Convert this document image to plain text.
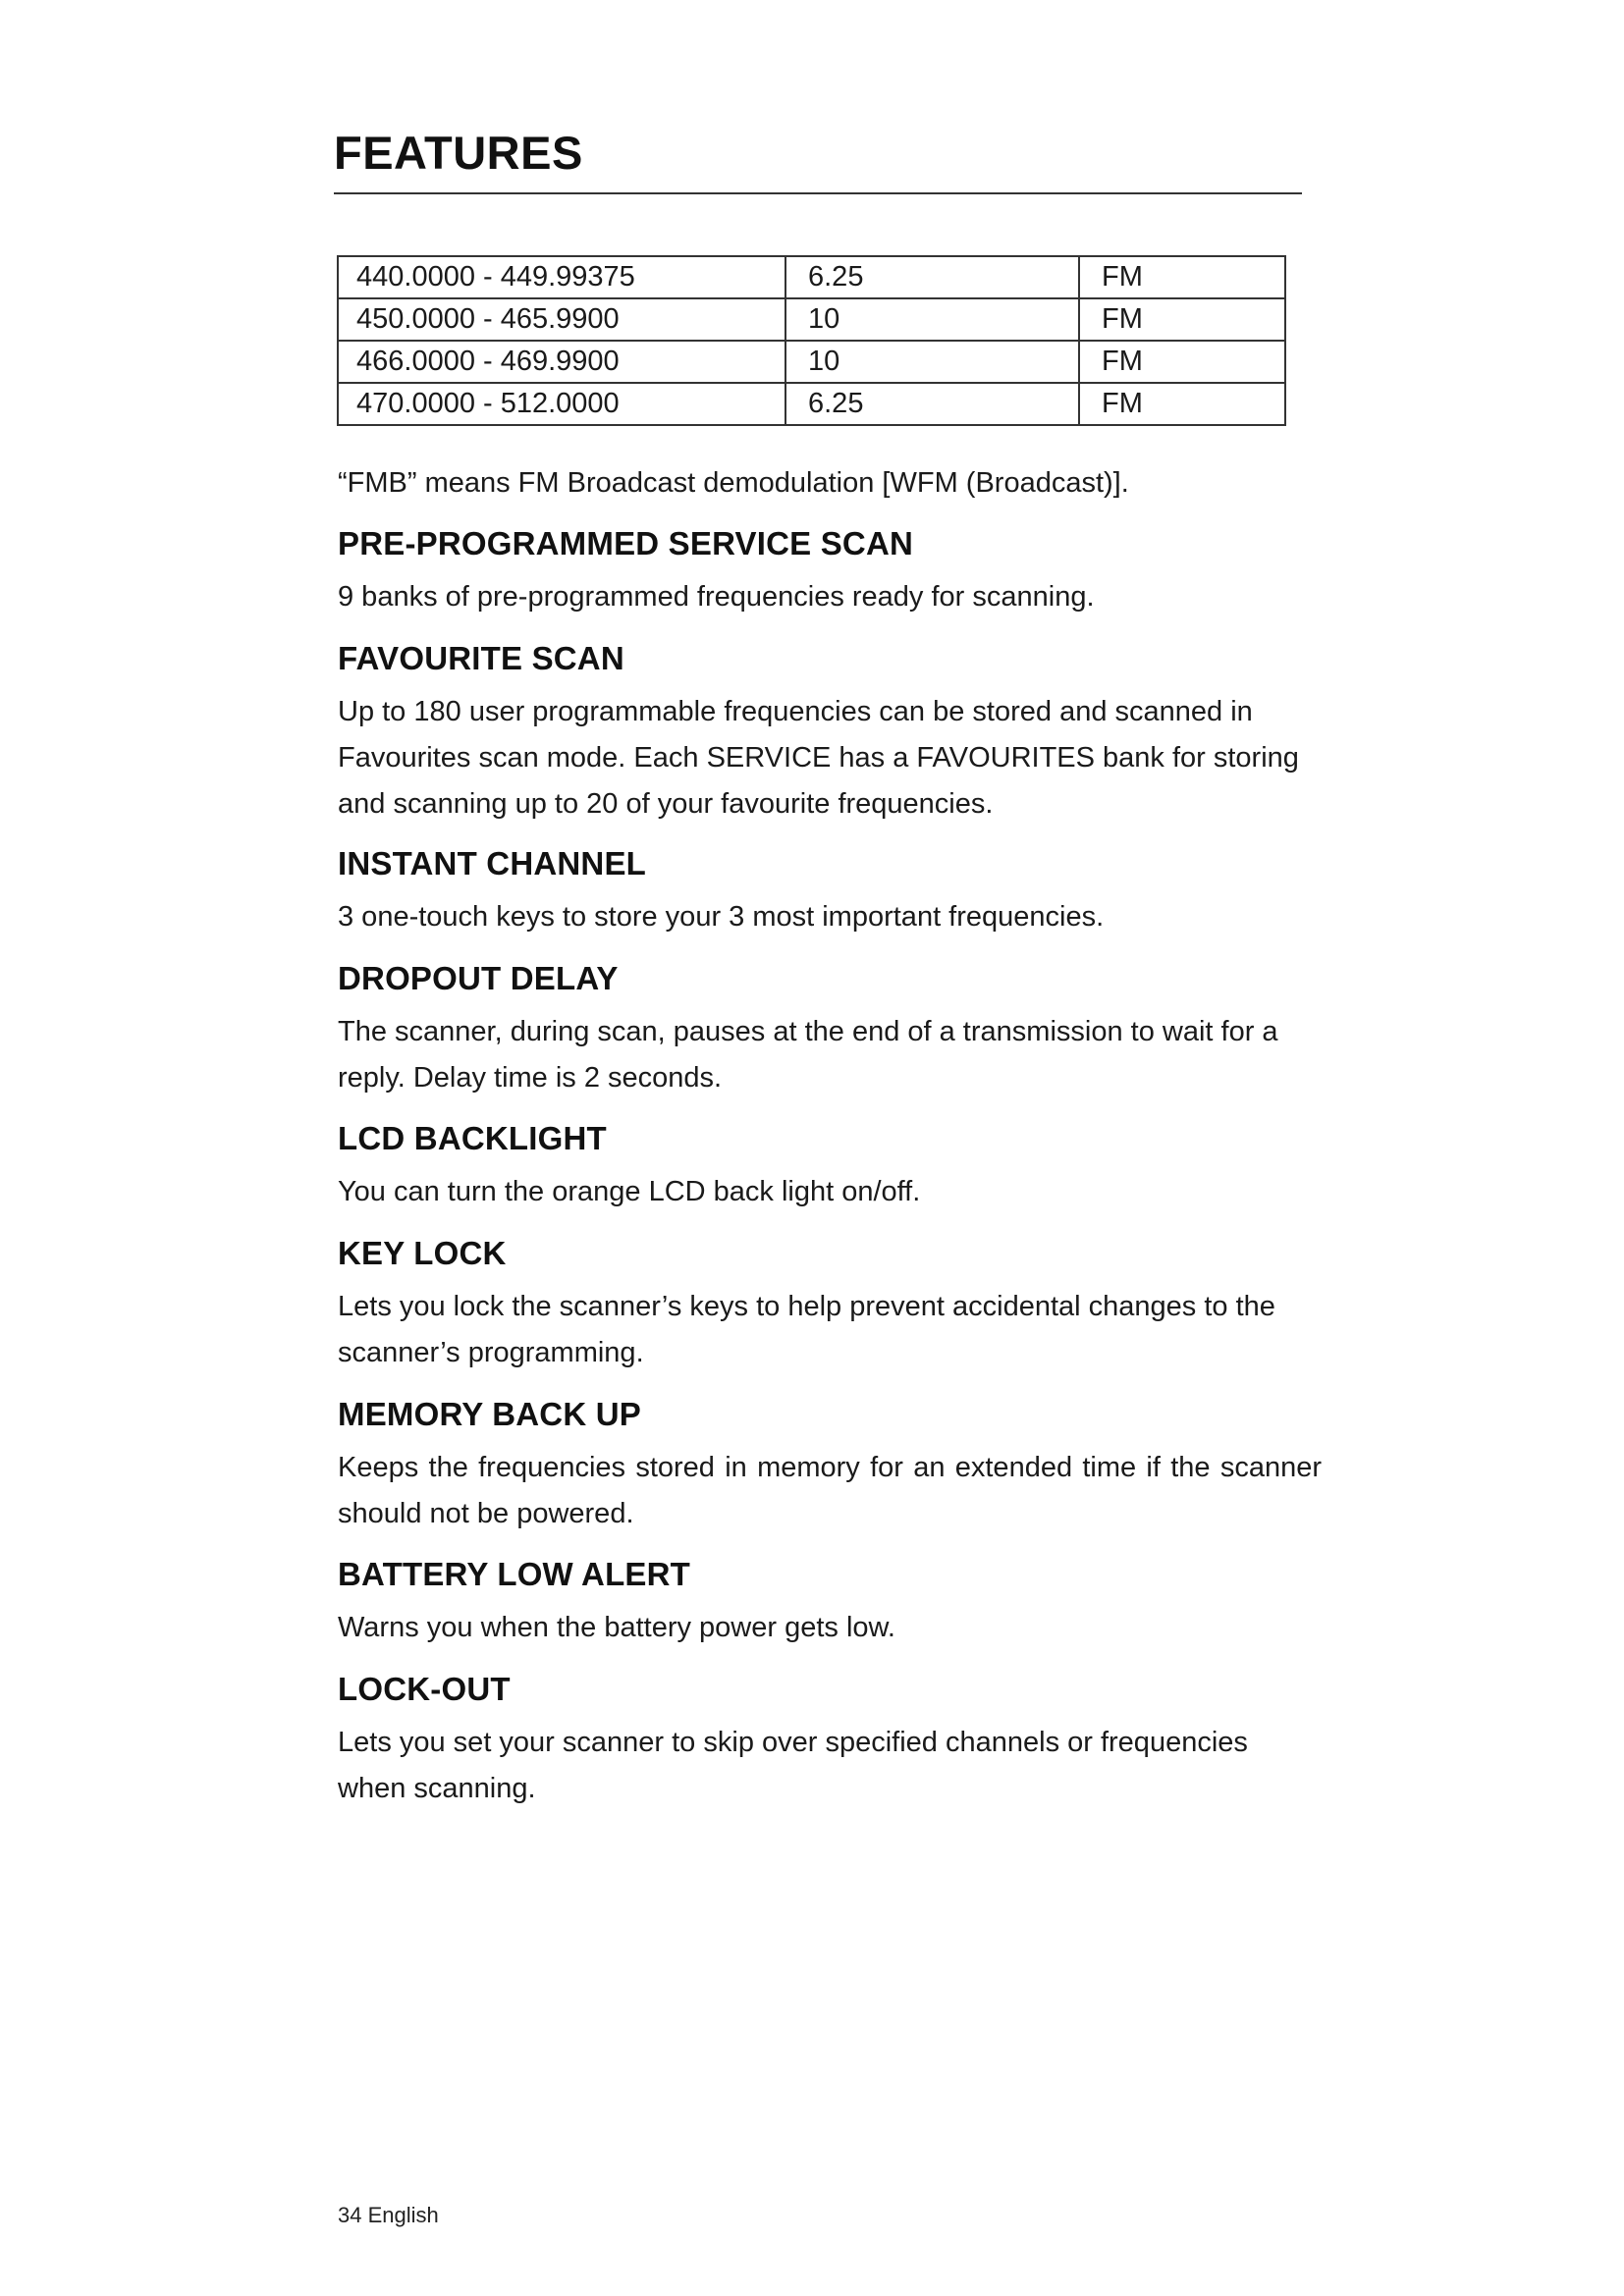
FEATURES
440.0000 - 449.99375	6.25	FM
450.0000 - 465.9900	10	FM
466.0000 - 469.9900	10	FM
470.0000 - 512.0000	6.25	FM

“FMB” means FM Broadcast demodulation [WFM (Broadcast)].

PRE-PROGRAMMED SERVICE SCAN

9 banks of pre-programmed frequencies ready for scanning.

FAVOURITE SCAN

Up to 180 user programmable frequencies can be stored and scanned in Favourites scan mode. Each SERVICE has a FAVOURITES bank for storing and scanning up to 20 of your favourite frequencies.

INSTANT CHANNEL

3 one-touch keys to store your 3 most important frequencies.

DROPOUT DELAY

The scanner, during scan, pauses at the end of a transmission to wait for a reply. Delay time is 2 seconds.

LCD BACKLIGHT

You can turn the orange LCD back light on/off.

KEY LOCK

Lets you lock the scanner’s keys to help prevent accidental changes to the scanner’s programming.

MEMORY BACK UP

Keeps the frequencies stored in memory for an extended time if the scanner should not be powered.

BATTERY LOW ALERT

Warns you when the battery power gets low.

LOCK-OUT

Lets you set your scanner to skip over specified channels or frequencies when scanning.

34 English
